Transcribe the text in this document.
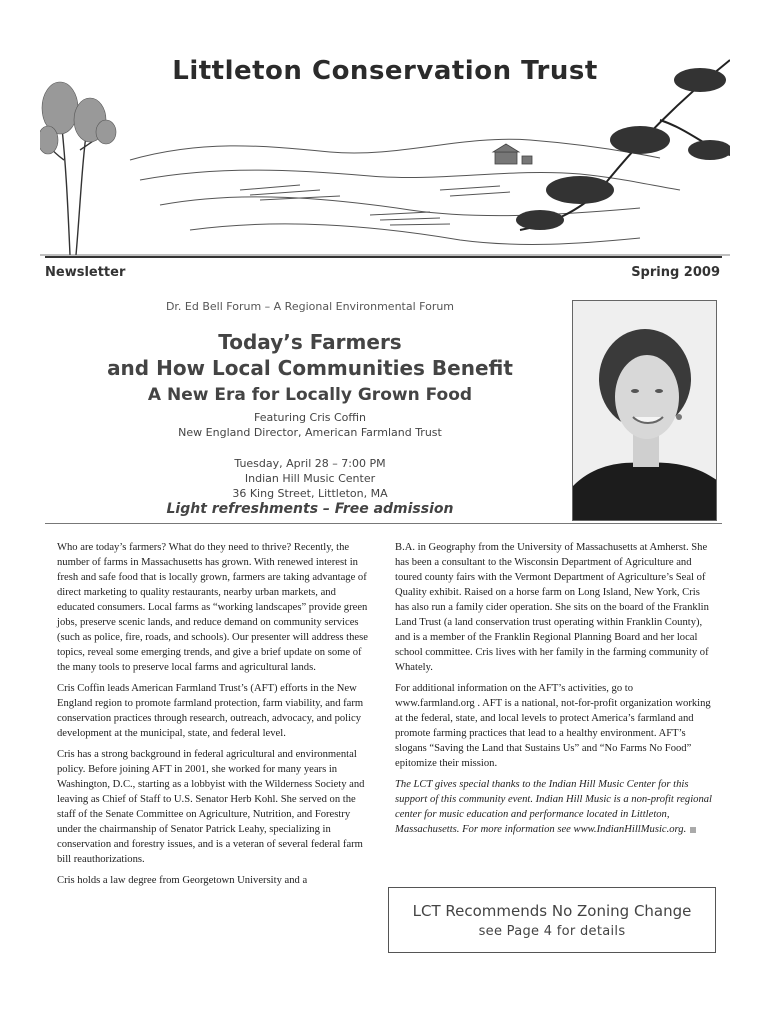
Littleton Conservation Trust
Newsletter	Spring 2009
Dr. Ed Bell Forum – A Regional Environmental Forum
Today’s Farmers
and How Local Communities Benefit
A New Era for Locally Grown Food
Featuring Cris Coffin
New England Director, American Farmland Trust
Tuesday, April 28 – 7:00 PM
Indian Hill Music Center
36 King Street, Littleton, MA
Light refreshments – Free admission

Who are today’s farmers? What do they need to thrive? Recently, the number of farms in Massachusetts has grown. With renewed interest in fresh and safe food that is locally grown, farmers are taking advantage of direct marketing to quality restaurants, nearby urban markets, and educated consumers. Local farms as “working landscapes” provide green jobs, preserve scenic lands, and reduce demand on community services (such as police, fire, roads, and schools). Our presenter will address these topics, reveal some emerging trends, and give a brief update on some of the many tools to preserve local farms and agricultural lands.

Cris Coffin leads American Farmland Trust’s (AFT) efforts in the New England region to promote farmland protection, farm viability, and farm conservation practices through research, outreach, advocacy, and policy development at the municipal, state, and federal level.

Cris has a strong background in federal agricultural and environmental policy. Before joining AFT in 2001, she worked for many years in Washington, D.C., starting as a lobbyist with the Wilderness Society and leaving as Chief of Staff to U.S. Senator Herb Kohl. She served on the staff of the Senate Committee on Agriculture, Nutrition, and Forestry under the chairmanship of Senator Patrick Leahy, specializing in conservation and forestry issues, and is a veteran of several federal farm bill reauthorizations.

Cris holds a law degree from Georgetown University and a

B.A. in Geography from the University of Massachusetts at Amherst. She has been a consultant to the Wisconsin Department of Agriculture and toured county fairs with the Vermont Department of Agriculture’s Seal of Quality exhibit. Raised on a horse farm on Long Island, New York, Cris has also run a family cider operation. She sits on the board of the Franklin Land Trust (a land conservation trust operating within Franklin County), and is a member of the Franklin Regional Planning Board and her local school committee. Cris lives with her family in the farming community of Whately.

For additional information on the AFT’s activities, go to www.farmland.org . AFT is a national, not-for-profit organization working at the federal, state, and local levels to protect America’s farmland and promote farming practices that lead to a healthy environment. AFT’s slogans “Saving the Land that Sustains Us” and “No Farms No Food” epitomize their mission.

The LCT gives special thanks to the Indian Hill Music Center for this support of this community event. Indian Hill Music is a non-profit regional center for music education and performance located in Littleton, Massachusetts. For more information see www.IndianHillMusic.org.

LCT Recommends No Zoning Change
see Page 4 for details
